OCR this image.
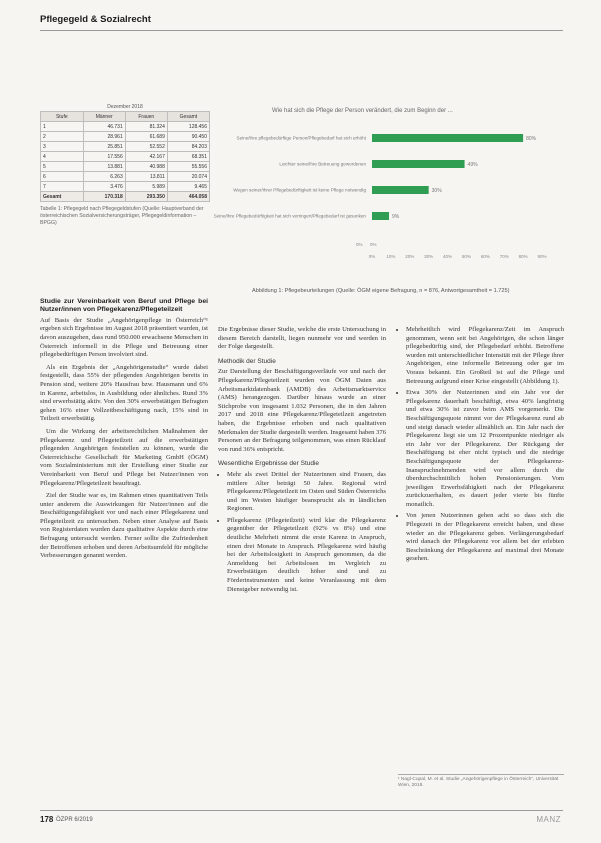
Pflegegeld & Sozialrecht
Dezember 2018
Stufe	Männer	Frauen	Gesamt
1	46.731	81.324	128.456
2	28.961	61.689	90.450
3	25.851	52.552	84.203
4	17.556	42.167	68.351
5	13.881	40.988	55.556
6	6.263	13.811	20.074
7	3.476	5.989	9.465
Gesamt	170.318	293.350	464.058
Tabelle 1: Pflegegeld nach Pflegegeldstufen (Quelle: Hauptverband der österreichischen Sozialversicherungsträger, Pflegegeldinformation – BPGG)
Wie hat sich die Pflege der Person verändert, die zum Beginn der ...
Seine/ihre pflegebedürftige Person/Pflegebedarf hat sich erhöht	80%
Leichter seine/ihre Betreuung gewordenen	49%
Wegen seiner/ihrer Pflegebedürftigkeit ist keine Pflege notwendig	30%
Seine/ihre Pflegebedürftigkeit hat sich verringert/Pflegebedarf ist gesunken	9%
0% 0%
0% 10% 20% 30% 40% 50% 60% 70% 80% 90%
Abbildung 1: Pflegebeurteilungen (Quelle: ÖGM eigene Befragung, n = 876, Antwortgesamtheit = 1.725)
Studie zur Vereinbarkeit von Beruf und Pflege bei Nutzer/innen von Pflegekarenz/Pflegeteilzeit

Auf Basis der Studie „Angehörigenpflege in Österreich“¹ ergeben sich Ergebnisse im August 2018 präsentiert wurden, ist davon auszugehen, dass rund 950.000 erwachsene Menschen in Österreich informell in die Pflege und Betreuung einer pflegebedürftigen Person involviert sind.

Als ein Ergebnis der „Angehörigenstudie“ wurde dabei festgestellt, dass 55% der pflegenden Angehörigen bereits in Pension sind, weitere 20% Hausfrau bzw. Hausmann und 6% in Karenz, arbeitslos, in Ausbildung oder ähnliches. Rund 3% sind erwerbstätig aktiv. Von den 30% erwerbstätigen Befragten gehen 16% einer Vollzeitbeschäftigung nach, 15% sind in Teilzeit erwerbstätig.

Um die Wirkung der arbeitsrechtlichen Maßnahmen der Pflegekarenz und Pflegeteilzeit auf die erwerbstätigen pflegenden Angehörigen feststellen zu können, wurde die Österreichische Gesellschaft für Marketing GmbH (ÖGM) vom Sozialministerium mit der Erstellung einer Studie zur Vereinbarkeit von Beruf und Pflege bei Nutzer/innen von Pflegekarenz/Pflegeteilzeit beauftragt.

Ziel der Studie war es, im Rahmen eines quantitativen Teils unter anderem die Auswirkungen für Nutzer/innen auf die Beschäftigungsfähigkeit vor und nach einer Pflegekarenz und Pflegeteilzeit zu untersuchen. Neben einer Analyse auf Basis von Registerdaten wurden dazu qualitative Aspekte durch eine Befragung untersucht werden. Ferner sollte die Zufriedenheit der Betroffenen erhoben und deren Arbeitsumfeld für mögliche Verbesserungen genannt werden.

Die Ergebnisse dieser Studie, welche die erste Untersuchung in diesem Bereich darstellt, liegen nunmehr vor und werden in der Folge dargestellt.

Methodik der Studie

Zur Darstellung der Beschäftigungsverläufe vor und nach der Pflegekarenz/Pflegeteilzeit wurden von ÖGM Daten aus Arbeitsmarktdatenbank (AMDB) des Arbeitsmarktservice (AMS) herangezogen. Darüber hinaus wurde an einer Stichprobe von insgesamt 1.032 Personen, die in den Jahren 2017 und 2018 eine Pflegekarenz/Pflegeteilzeit angetreten haben, die Ergebnisse erhoben und nach qualitativen Merkmalen der Studie dargestellt werden. Insgesamt haben 376 Personen an der Befragung teilgenommen, was einen Rücklauf von rund 36% entspricht.

Wesentliche Ergebnisse der Studie
• Mehr als zwei Drittel der Nutzerinnen sind Frauen, das mittlere Alter beträgt 50 Jahre. Regional wird Pflegekarenz/Pflegeteilzeit im Osten und Süden Österreichs und im Westen häufiger beansprucht als in ländlichen Regionen.
• Pflegekarenz (Pflegeteilzeit) wird klar die Pflegekarenz gegenüber der Pflegeteilzeit (92% vs 8%) und eine deutliche Mehrheit nimmt die erste Karenz in Anspruch, einen drei Monate in Anspruch. Pflegekarenz wird häufig bei der Arbeitslosigkeit in Anspruch genommen, da die Anmeldung bei Arbeitslosen im Vergleich zu Erwerbstätigen deutlich höher sind und zu Förderinstrumenten und keine Veranlassung mit dem Dienstgeber notwendig ist.
• Mehrheitlich wird Pflegekarenz/Zeit im Anspruch genommen, wenn seit bei Angehörigen, die schon länger pflegebedürftig sind, der Pflegebedarf erhöht. Betroffene wurden mit unterschiedlicher Intensität mit der Pflege ihrer Angehörigen, eine informelle Betreuung oder gar im Voraus bekannt. Ein Großteil ist auf die Pflege und Betreuung aufgrund einer Krise eingestellt (Abbildung 1).
• Etwa 30% der Nutzerinnen sind ein Jahr vor der Pflegekarenz dauerhaft beschäftigt, etwa 40% langfristig und etwa 30% ist zuvor beim AMS vorgemerkt. Die Beschäftigungsquote nimmt vor der Pflegekarenz rund ab und steigt danach wieder allmählich an. Ein Jahr nach der Pflegekarenz liegt sie um 12 Prozentpunkte niedriger als ein Jahr vor der Pflegekarenz. Der Rückgang der Beschäftigung ist eher nicht typisch und die niedrige Beschäftigungsquote der Pflegekarenz-Inanspruchnehmenden wird vor allem durch die überdurchschnittlich hohen Pensionierungen. Vom jeweiligen Erwerbsfähigkeit nach der Pflegekarenz zurückzuerhalten, es dauert jeder vierte bis fünfte monatlich.
• Von jenen Nutzerinnen gehen acht so dass sich die Pflegezeit in der Pflegekarenz erreicht haben, und diese wieder an die Pflegekarenz geben. Verlängerungsbedarf wird danach der Pflegekarenz vor allem bei der erlebten Beschränkung der Pflegekarenz auf maximal drei Monate gesehen.
¹ Nagl-Cupal, M. et al. Studie „Angehörigenpflege in Österreich“, Universität Wien, 2018.
178 ÖZPR 6/2019	MANZ
